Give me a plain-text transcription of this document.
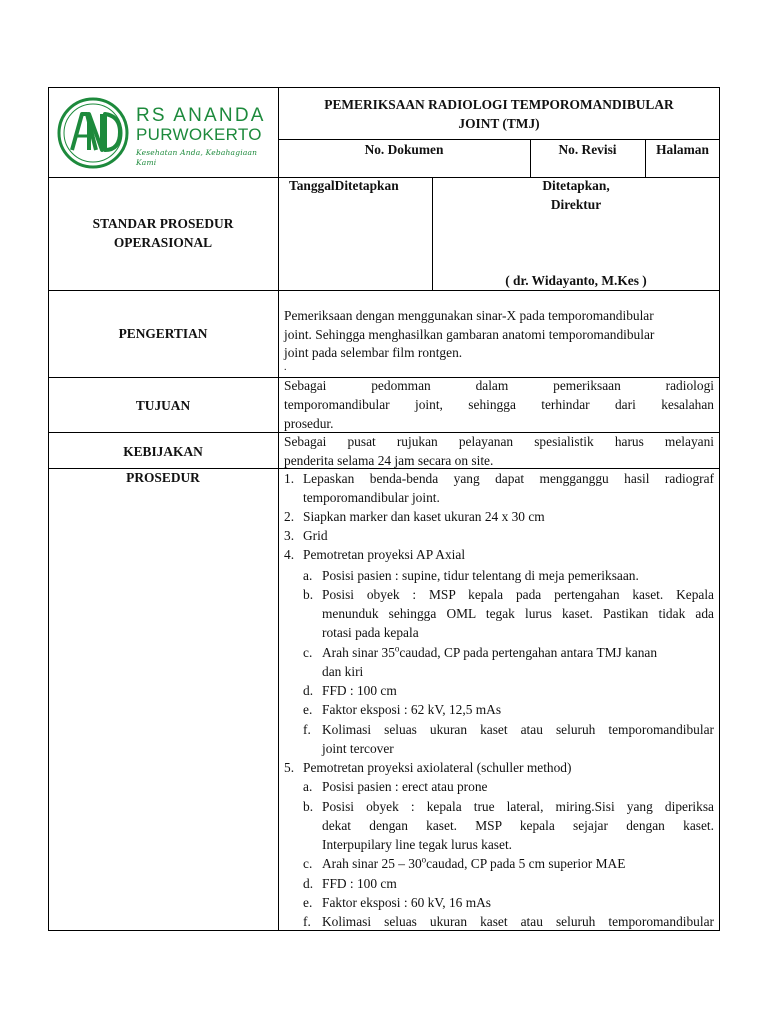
RS ANANDA
PURWOKERTO
Kesehatan Anda, Kebahagiaan Kami
PEMERIKSAAN RADIOLOGI TEMPOROMANDIBULAR
JOINT (TMJ)
No. Dokumen	No. Revisi	Halaman
STANDAR PROSEDUR
OPERASIONAL
TanggalDitetapkan	Ditetapkan,
Direktur
( dr. Widayanto, M.Kes )
PENGERTIAN
Pemeriksaan dengan menggunakan sinar-X pada temporomandibular
joint. Sehingga menghasilkan gambaran anatomi temporomandibular
joint pada selembar film rontgen.
.
TUJUAN
Sebagai pedomman dalam pemeriksaan radiologi
temporomandibular joint, sehingga terhindar dari kesalahan
prosedur.
KEBIJAKAN
Sebagai pusat rujukan pelayanan spesialistik harus melayani
penderita selama 24 jam secara on site.
PROSEDUR	1. Lepaskan benda-benda yang dapat mengganggu hasil radiograf
temporomandibular joint.
2. Siapkan marker dan kaset ukuran 24 x 30 cm
3. Grid
4. Pemotretan proyeksi AP Axial
a. Posisi pasien : supine, tidur telentang di meja pemeriksaan.
b. Posisi obyek : MSP kepala pada pertengahan kaset. Kepala
menunduk sehingga OML tegak lurus kaset. Pastikan tidak ada
rotasi pada kepala
c. Arah sinar 35$^o$caudad, CP pada pertengahan antara TMJ kanan
dan kiri
d. FFD : 100 cm
e. Faktor eksposi : 62 kV, 12,5 mAs
f. Kolimasi seluas ukuran kaset atau seluruh temporomandibular
joint tercover
5. Pemotretan proyeksi axiolateral (schuller method)
a. Posisi pasien : erect atau prone
b. Posisi obyek : kepala true lateral, miring.Sisi yang diperiksa
dekat dengan kaset. MSP kepala sejajar dengan kaset.
Interpupilary line tegak lurus kaset.
c. Arah sinar 25 – 30$^o$caudad, CP pada 5 cm superior MAE
d. FFD : 100 cm
e. Faktor eksposi : 60 kV, 16 mAs
f. Kolimasi seluas ukuran kaset atau seluruh temporomandibular
